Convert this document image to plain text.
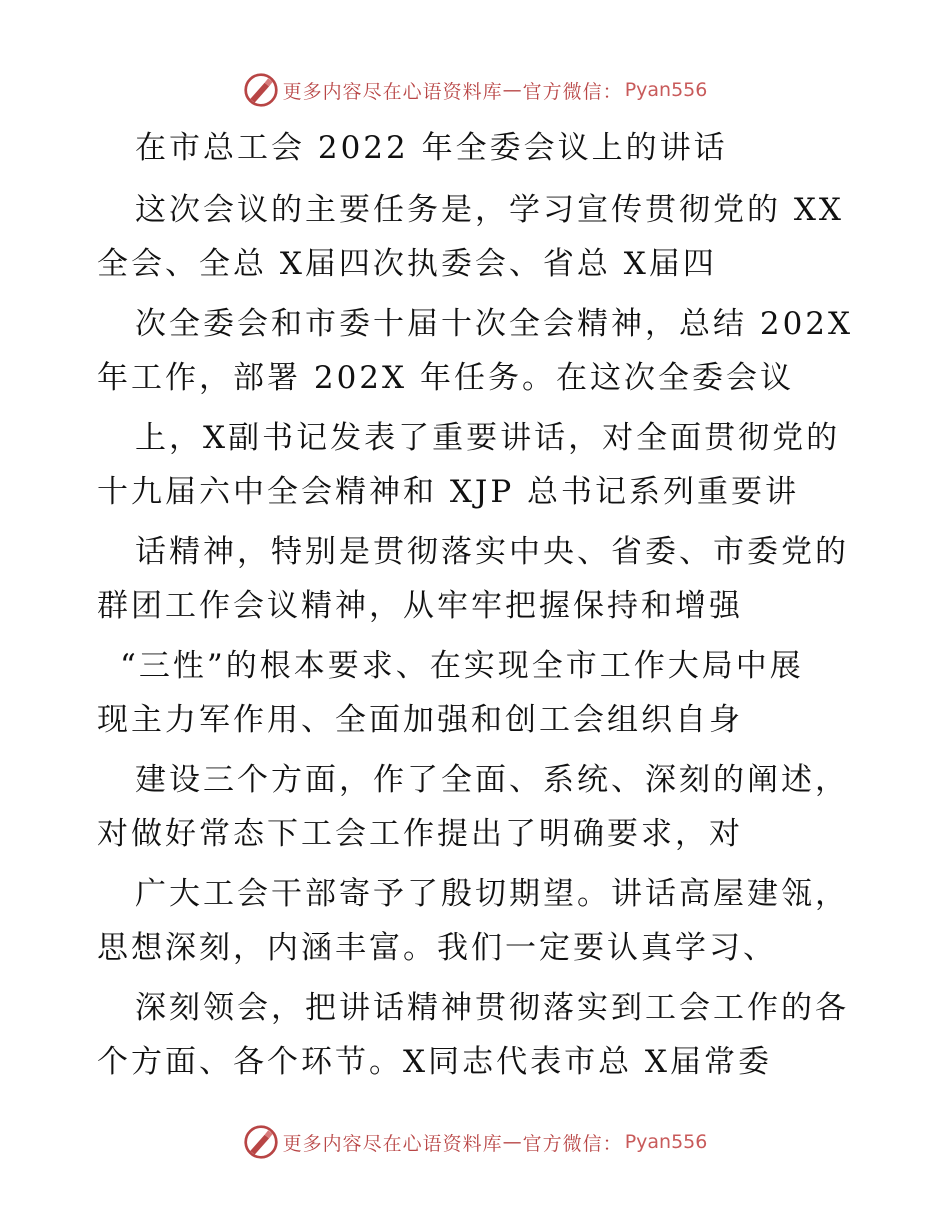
更多内容尽在心语资料库 — 官方微信： Pyan556
在市总工会 2022 年全委会议上的讲话
这次会议的主要任务是，学习宣传贯彻党的 XX
全会、全总 X届四次执委会、省总 X届四
次全委会和市委十届十次全会精神，总结 202X
年工作，部署 202X 年任务。在这次全委会议
上，X副书记发表了重要讲话，对全面贯彻党的
十九届六中全会精神和 XJP 总书记系列重要讲
话精神，特别是贯彻落实中央、省委、市委党的
群团工作会议精神，从牢牢把握保持和增强
“三性”的根本要求、在实现全市工作大局中展
现主力军作用、全面加强和创工会组织自身
建设三个方面，作了全面、系统、深刻的阐述，
对做好常态下工会工作提出了明确要求，对
广大工会干部寄予了殷切期望。讲话高屋建瓴，
思想深刻，内涵丰富。我们一定要认真学习、
深刻领会，把讲话精神贯彻落实到工会工作的各
个方面、各个环节。X同志代表市总 X届常委
更多内容尽在心语资料库 — 官方微信： Pyan556
